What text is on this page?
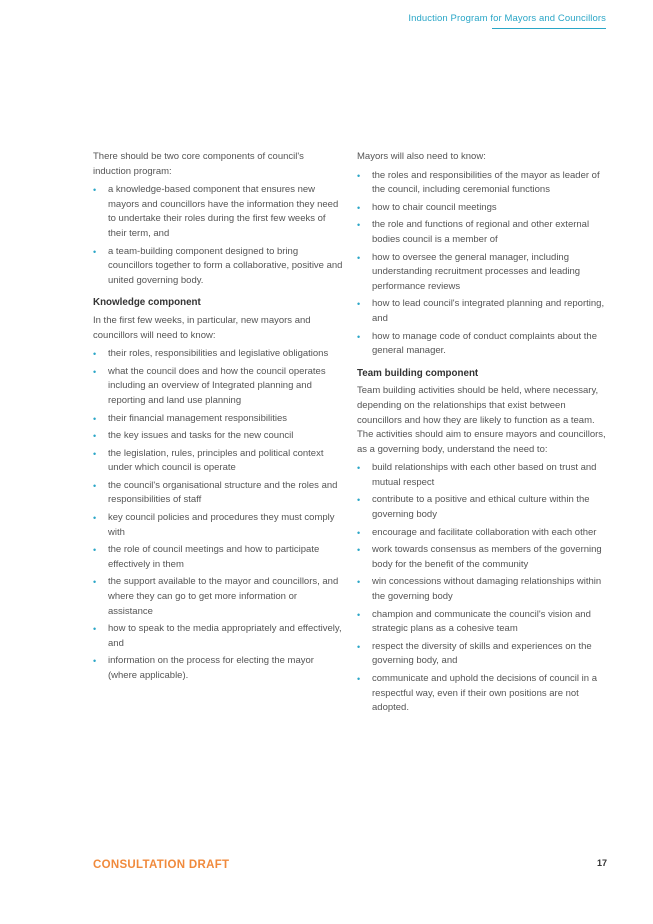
Induction Program for Mayors and Councillors

There should be two core components of council's induction program:

• a knowledge-based component that ensures new mayors and councillors have the information they need to undertake their roles during the first few weeks of their term, and
• a team-building component designed to bring councillors together to form a collaborative, positive and united governing body.
Knowledge component

In the first few weeks, in particular, new mayors and councillors will need to know:

• their roles, responsibilities and legislative obligations
• what the council does and how the council operates including an overview of Integrated planning and reporting and land use planning
• their financial management responsibilities
• the key issues and tasks for the new council
• the legislation, rules, principles and political context under which council is operate
• the council's organisational structure and the roles and responsibilities of staff
• key council policies and procedures they must comply with
• the role of council meetings and how to participate effectively in them
• the support available to the mayor and councillors, and where they can go to get more information or assistance
• how to speak to the media appropriately and effectively, and
• information on the process for electing the mayor (where applicable).

Mayors will also need to know:

• the roles and responsibilities of the mayor as leader of the council, including ceremonial functions
• how to chair council meetings
• the role and functions of regional and other external bodies council is a member of
• how to oversee the general manager, including understanding recruitment processes and leading performance reviews
• how to lead council's integrated planning and reporting, and
• how to manage code of conduct complaints about the general manager.
Team building component

Team building activities should be held, where necessary, depending on the relationships that exist between councillors and how they are likely to function as a team. The activities should aim to ensure mayors and councillors, as a governing body, understand the need to:

• build relationships with each other based on trust and mutual respect
• contribute to a positive and ethical culture within the governing body
• encourage and facilitate collaboration with each other
• work towards consensus as members of the governing body for the benefit of the community
• win concessions without damaging relationships within the governing body
• champion and communicate the council's vision and strategic plans as a cohesive team
• respect the diversity of skills and experiences on the governing body, and
• communicate and uphold the decisions of council in a respectful way, even if their own positions are not adopted.
CONSULTATION DRAFT	17
